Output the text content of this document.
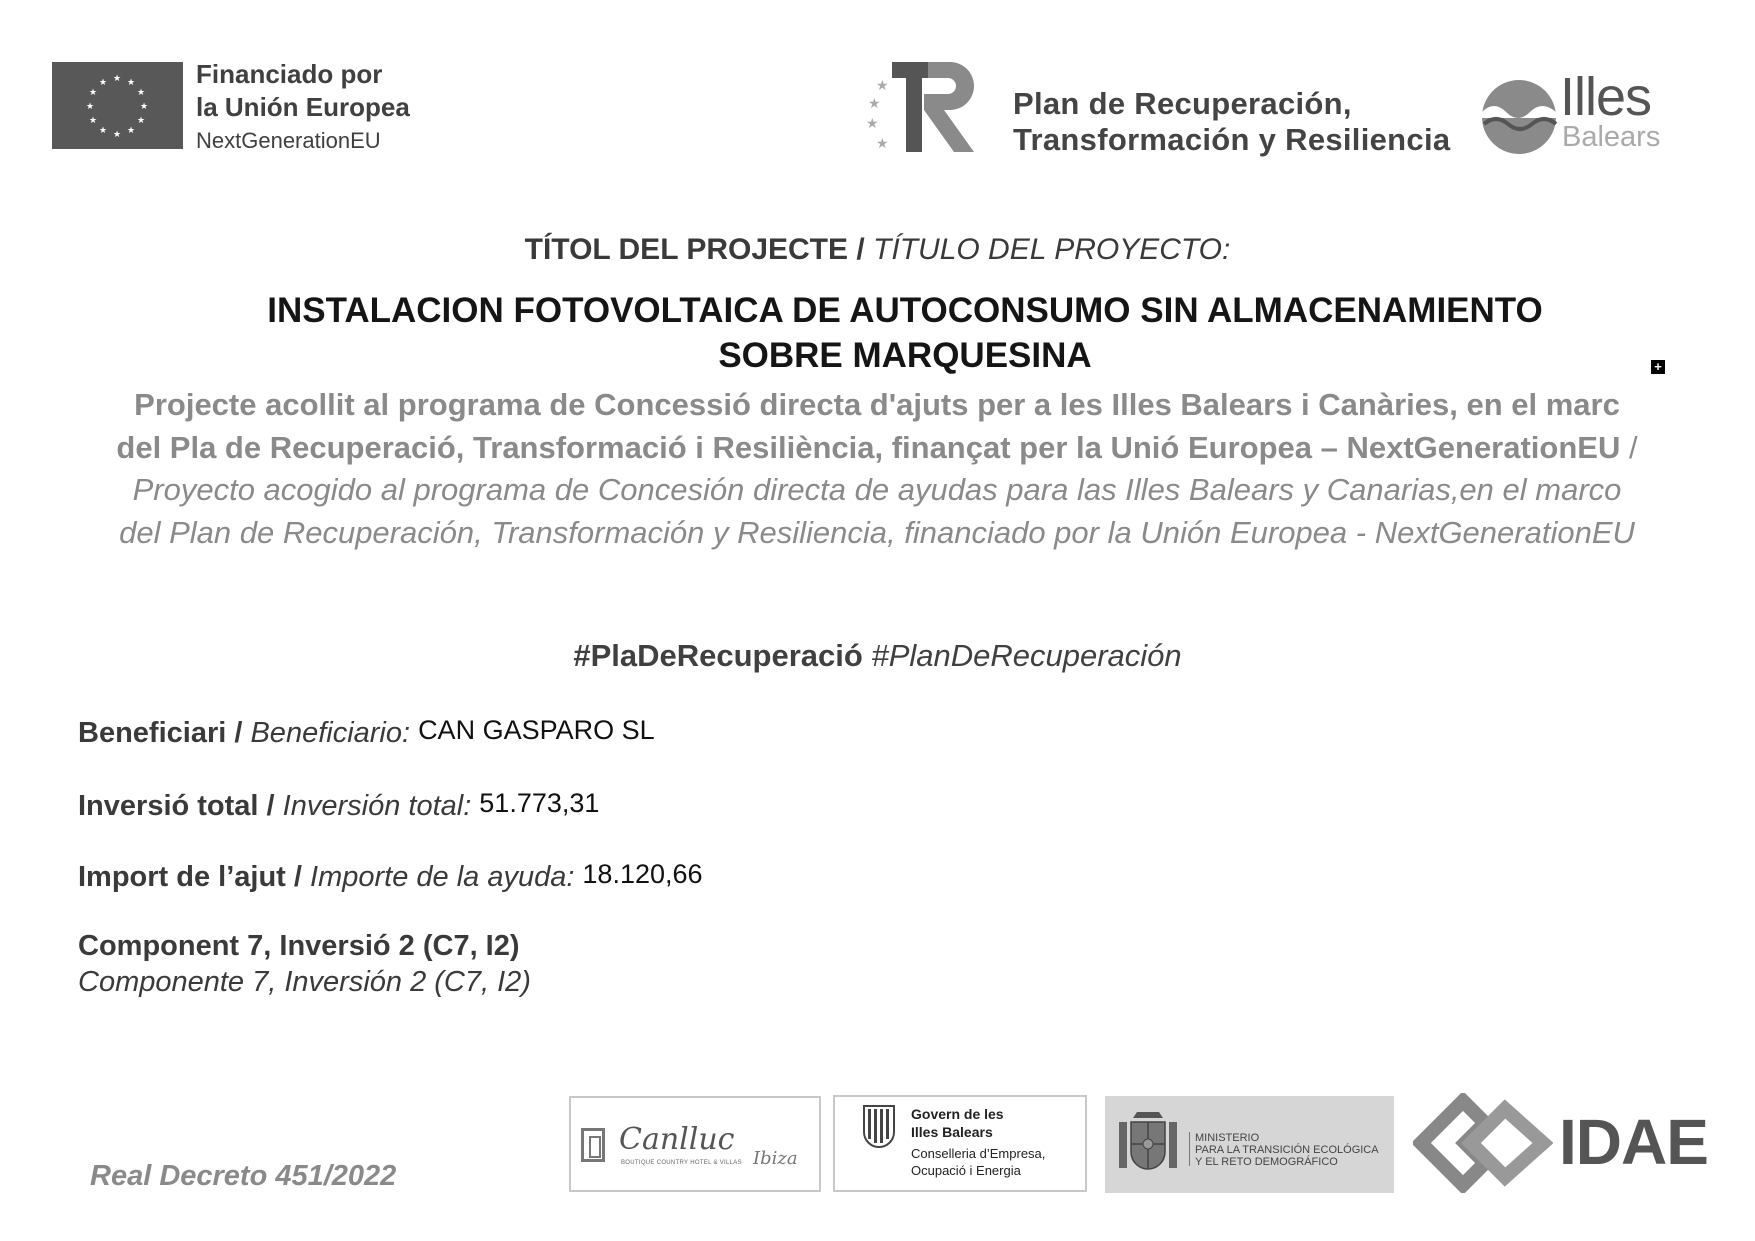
★ ★
★
★
★
★
★
★
★
★
★
★	Financiado por
la Unión Europea
NextGenerationEU
★
★
★
★
Plan de Recuperación,
Transformación y Resiliencia
Illes
Balears
TÍTOL DEL PROJECTE / TÍTULO DEL PROYECTO:
INSTALACION FOTOVOLTAICA DE AUTOCONSUMO SIN ALMACENAMIENTO
SOBRE MARQUESINA	+
Projecte acollit al programa de Concessió directa d'ajuts per a les Illes Balears i Canàries, en el marc del Pla de Recuperació, Transformació i Resiliència, finançat per la Unió Europea – NextGenerationEU / Proyecto acogido al programa de Concesión directa de ayudas para las Illes Balears y Canarias,en el marco del Plan de Recuperación, Transformación y Resiliencia, financiado por la Unión Europea - NextGenerationEU
#PlaDeRecuperació #PlanDeRecuperación
Beneficiari / Beneficiario: CAN GASPARO SL
Inversió total / Inversión total: 51.773,31
Import de l’ajut / Importe de la ayuda: 18.120,66
Component 7, Inversió 2 (C7, I2)
Componente 7, Inversión 2 (C7, I2)
Real Decreto 451/2022
Canlluc
BOUTIQUE COUNTRY HOTEL & VILLAS Ibiza
Govern de les
Illes Balears
Conselleria d’Empresa,
Ocupació i Energia
MINISTERIO
PARA LA TRANSICIÓN ECOLÓGICA
Y EL RETO DEMOGRÁFICO	IDAE
